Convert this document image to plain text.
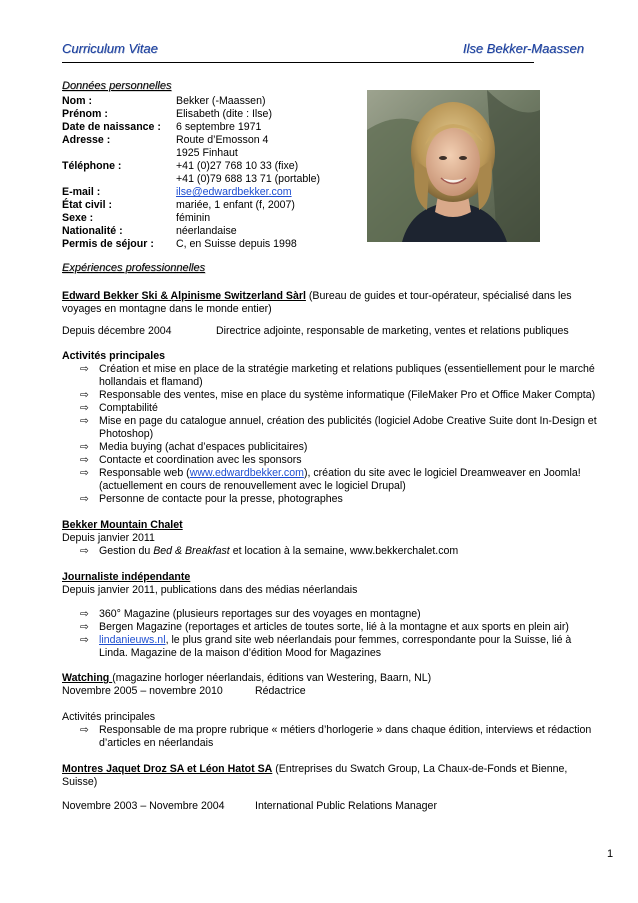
Curriculum Vitae	Ilse Bekker-Maassen
Données personnelles
Nom :	Bekker (-Maassen)
Prénom :	Elisabeth (dite : Ilse)
Date de naissance : 6 septembre 1971
Adresse :	Route d’Emosson 4
1925 Finhaut
Téléphone :	+41 (0)27 768 10 33 (fixe)
+41 (0)79 688 13 71 (portable)
E-mail :	ilse@edwardbekker.com
État civil :	mariée, 1 enfant (f, 2007)
Sexe :	féminin
Nationalité :	néerlandaise
Permis de séjour : C, en Suisse depuis 1998
Expériences professionnelles
Edward Bekker Ski & Alpinisme Switzerland Sàrl (Bureau de guides et tour-opérateur, spécialisé dans les
voyages en montagne dans le monde entier)
Depuis décembre 2004	Directrice adjointe, responsable de marketing, ventes et relations publiques
Activités principales
⇨ Création et mise en place de la stratégie marketing et relations publiques (essentiellement pour le marché
hollandais et flamand)
⇨ Responsable des ventes, mise en place du système informatique (FileMaker Pro et Office Maker Compta)
⇨ Comptabilité
⇨ Mise en page du catalogue annuel, création des publicités (logiciel Adobe Creative Suite dont In-Design et
Photoshop)
⇨ Media buying (achat d’espaces publicitaires)
⇨ Contacte et coordination avec les sponsors
⇨ Responsable web (www.edwardbekker.com), création du site avec le logiciel Dreamweaver en Joomla!
(actuellement en cours de renouvellement avec le logiciel Drupal)
⇨ Personne de contacte pour la presse, photographes
Bekker Mountain Chalet
Depuis janvier 2011
⇨ Gestion du Bed & Breakfast et location à la semaine, www.bekkerchalet.com
Journaliste indépendante
Depuis janvier 2011, publications dans des médias néerlandais
⇨ 360° Magazine (plusieurs reportages sur des voyages en montagne)
⇨ Bergen Magazine (reportages et articles de toutes sorte, lié à la montagne et aux sports en plein air)
⇨ lindanieuws.nl, le plus grand site web néerlandais pour femmes, correspondante pour la Suisse, lié à
Linda. Magazine de la maison d’édition Mood for Magazines
Watching (magazine horloger néerlandais, éditions van Westering, Baarn, NL)
Novembre 2005 – novembre 2010	Rédactrice
Activités principales
⇨ Responsable de ma propre rubrique « métiers d’horlogerie » dans chaque édition, interviews et rédaction
d’articles en néerlandais
Montres Jaquet Droz SA et Léon Hatot SA (Entreprises du Swatch Group, La Chaux-de-Fonds et Bienne,
Suisse)
Novembre 2003 – Novembre 2004	International Public Relations Manager
1
